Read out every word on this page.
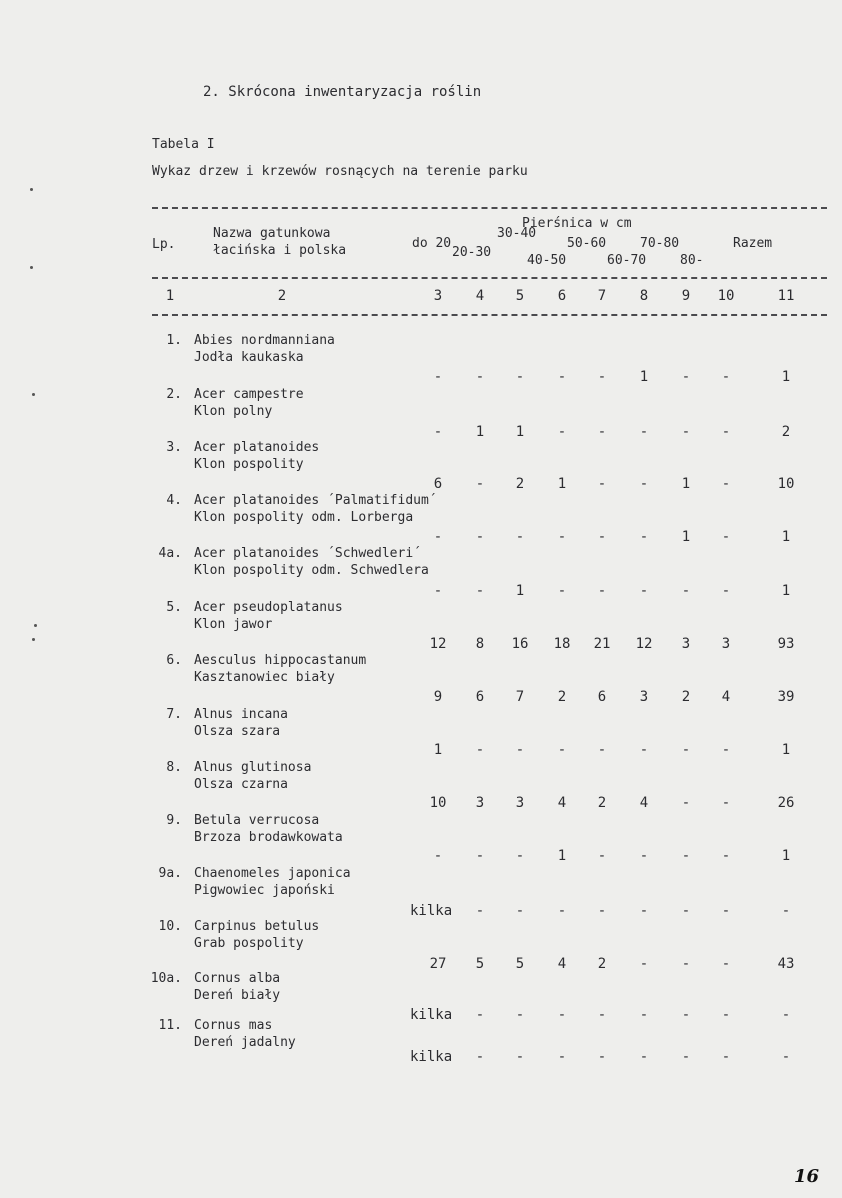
2. Skrócona inwentaryzacja roślin
Tabela I
Wykaz drzew i krzewów rosnących na terenie parku
Lp.
Nazwa gatunkowa
łacińska i polska
Pierśnica w cm
do 20
20-30
30-40
40-50
50-60
60-70
70-80
80-
Razem
1	2	3	4	5	6	7	8	9	10	11
1. Abies nordmanniana
Jodła kaukaska
-	-	-	-	-	1	-	-	1
2. Acer campestre
Klon polny
-	1	1	-	-	-	-	-	2
3. Acer platanoides
Klon pospolity
6	-	2	1	-	-	1	-	10
4. Acer platanoides ´Palmatifidum´
Klon pospolity odm. Lorberga
-	-	-	-	-	-	1	-	1
4a. Acer platanoides ´Schwedleri´
Klon pospolity odm. Schwedlera
-	-	1	-	-	-	-	-	1
5. Acer pseudoplatanus
Klon jawor
12	8	16	18	21	12	3	3	93
6. Aesculus hippocastanum
Kasztanowiec biały
9	6	7	2	6	3	2	4	39
7. Alnus incana
Olsza szara
1	-	-	-	-	-	-	-	1
8. Alnus glutinosa
Olsza czarna
10	3	3	4	2	4	-	-	26
9. Betula verrucosa
Brzoza brodawkowata
-	-	-	1	-	-	-	-	1
9a. Chaenomeles japonica
Pigwowiec japoński
kilka	-	-	-	-	-	-	-	-
10. Carpinus betulus
Grab pospolity
27	5	5	4	2	-	-	-	43
10a. Cornus alba
Dereń biały
kilka	-	-	-	-	-	-	-	-
11. Cornus mas
Dereń jadalny
kilka	-	-	-	-	-	-	-	-
16
